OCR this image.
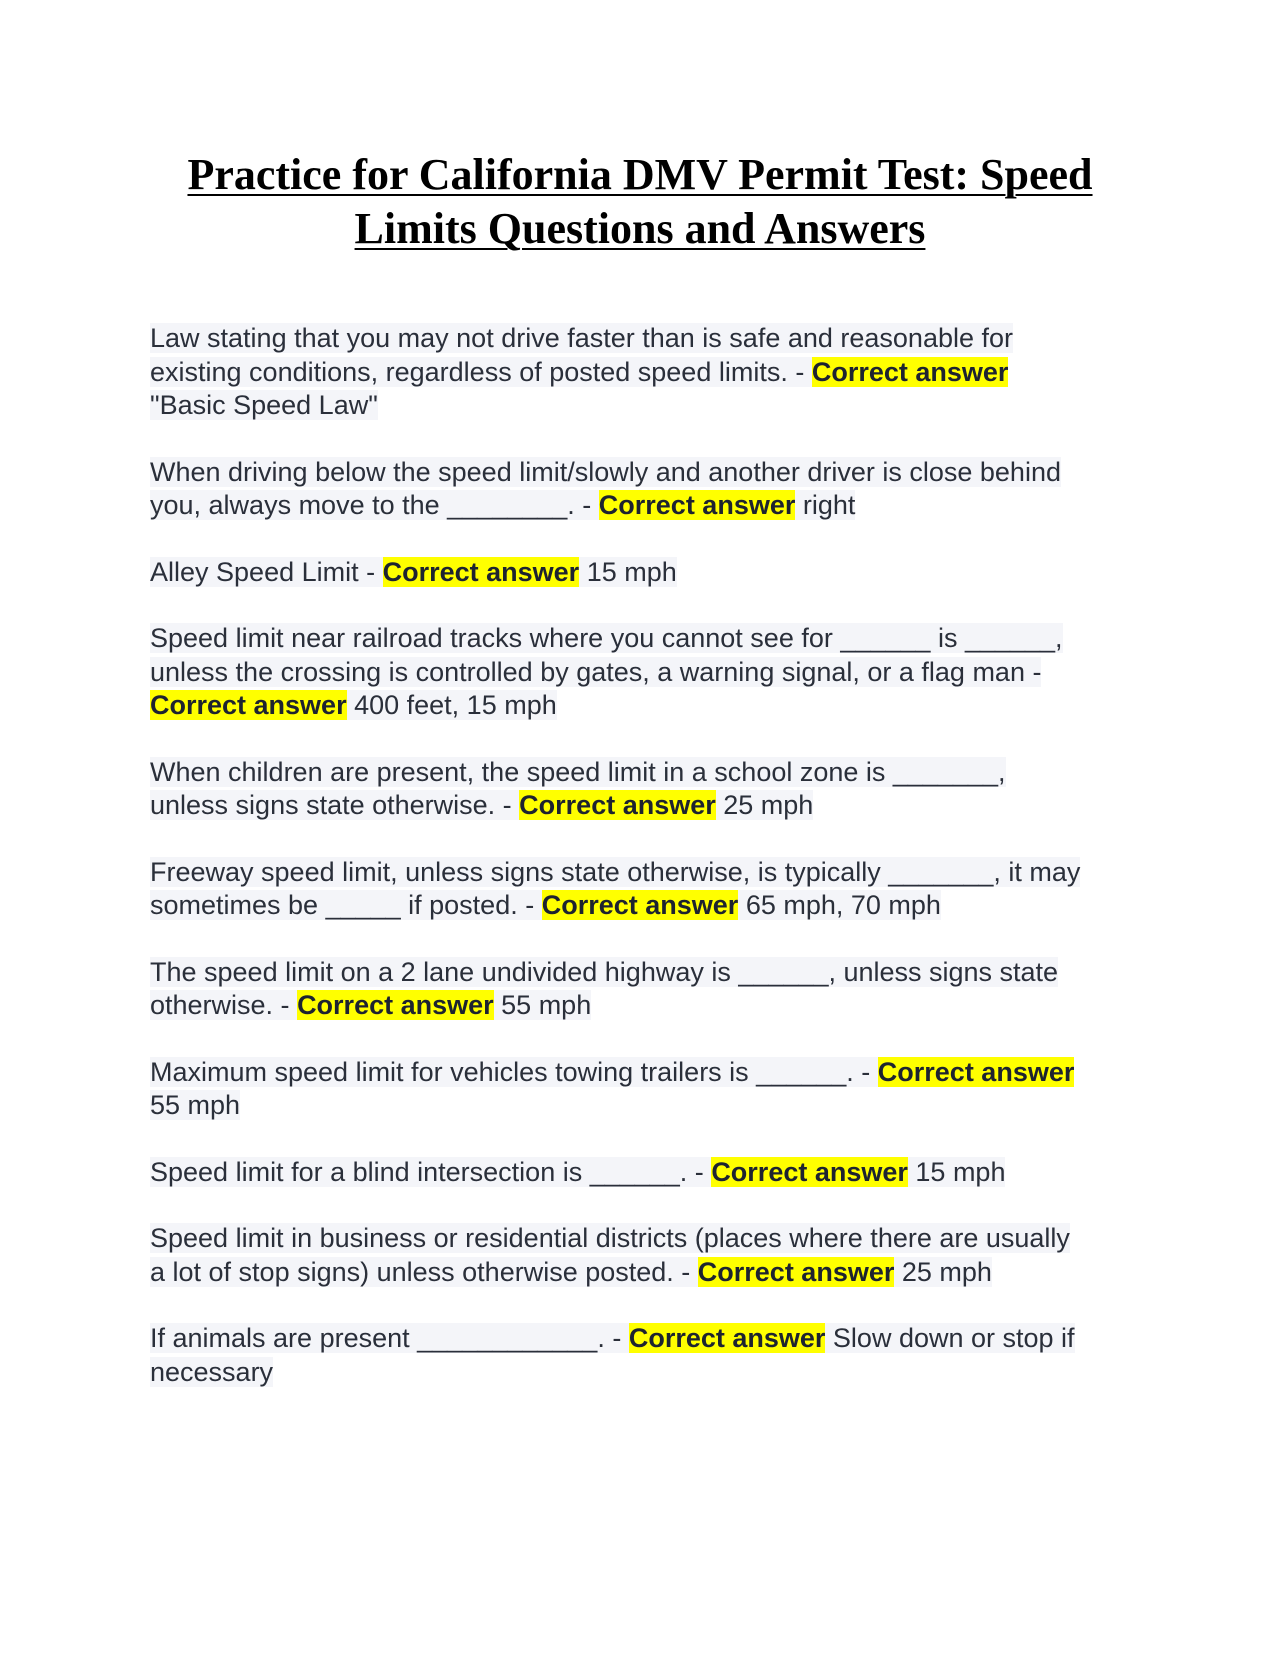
Practice for California DMV Permit Test: Speed Limits Questions and Answers

Law stating that you may not drive faster than is safe and reasonable for existing conditions, regardless of posted speed limits. - Correct answer "Basic Speed Law"

When driving below the speed limit/slowly and another driver is close behind you, always move to the ________. - Correct answer right

Alley Speed Limit - Correct answer 15 mph

Speed limit near railroad tracks where you cannot see for ______ is ______, unless the crossing is controlled by gates, a warning signal, or a flag man - Correct answer 400 feet, 15 mph

When children are present, the speed limit in a school zone is _______, unless signs state otherwise. - Correct answer 25 mph

Freeway speed limit, unless signs state otherwise, is typically _______, it may sometimes be _____ if posted. - Correct answer 65 mph, 70 mph

The speed limit on a 2 lane undivided highway is ______, unless signs state otherwise. - Correct answer 55 mph

Maximum speed limit for vehicles towing trailers is ______. - Correct answer 55 mph

Speed limit for a blind intersection is ______. - Correct answer 15 mph

Speed limit in business or residential districts (places where there are usually a lot of stop signs) unless otherwise posted. - Correct answer 25 mph

If animals are present ____________. - Correct answer Slow down or stop if necessary
